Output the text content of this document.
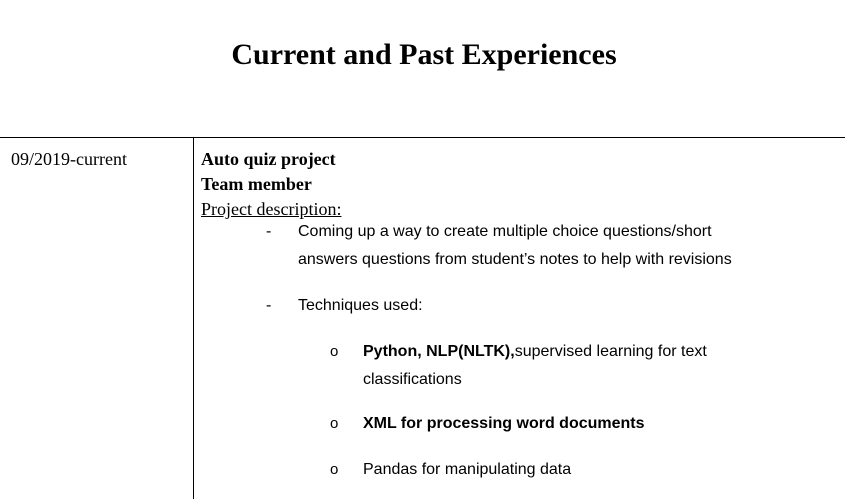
Current and Past Experiences
09/2019-current	Auto quiz project
Team member
Project description:
- Coming up a way to create multiple choice questions/short
answers questions from student’s notes to help with revisions
- Techniques used:
o Python, NLP(NLTK),supervised learning for text
classifications
o XML for processing word documents
o Pandas for manipulating data
